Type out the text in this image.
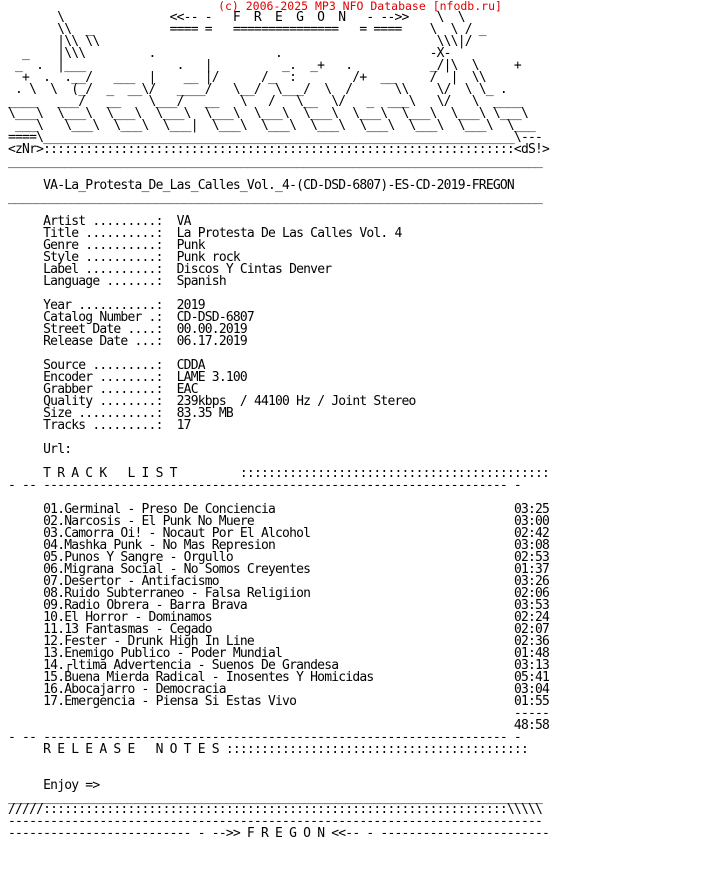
(c) 2006-2025 MP3 NFO Database [nfodb.ru]
\               <<-- -   F  R  E  G  O  N   - -->>    \  \
\\  _           ==== =   ===============   = ====    \  \ / _
|\\ \\                                                \\\|/
_    |\\\         .                 .                     -X-
_  .  |___             .   |          _.  _+   .           _/|\  \     +
+  .  .__/   ___  |    __ |/      /_  :        /+  __     /  |  \\
. \  \  (_/  _  __\/   ____/   \__/  \___/  \  /      \\    \/  \ \_ .
____   ___/   __    \___/   __   \   /   \__  \/   _  ___\   \/   \  ____
\___\  \___\  \___\  \___\  \___\  \___\  \___\  \___\  \___\  \___\ \___\
___\   \___\  \___\  \___|  \___\  \___\  \___\  \___\  \___\  \___\  \___
====\___________________________________________________________________\---
<zNr>:::::::::::::::::::::::::::::::::::::::::::::::::::::::::::::::::::<dS!>
____________________________________________________________________________

VA-La_Protesta_De_Las_Calles_Vol._4-(CD-DSD-6807)-ES-CD-2019-FREGON
____________________________________________________________________________

Artist .........:  VA
Title ..........:  La Protesta De Las Calles Vol. 4
Genre ..........:  Punk
Style ..........:  Punk rock
Label ..........:  Discos Y Cintas Denver
Language .......:  Spanish

Year ...........:  2019
Catalog Number .:  CD-DSD-6807
Street Date ....:  00.00.2019
Release Date ...:  06.17.2019

Source .........:  CDDA
Encoder ........:  LAME 3.100
Grabber ........:  EAC
Quality ........:  239kbps  / 44100 Hz / Joint Stereo
Size ...........:  83.35 MB
Tracks .........:  17

Url:

T R A C K   L I S T	::::::::::::::::::::::::::::::::::::::::::::
- -- ------------------------------------------------------------------ -

01.Germinal - Preso De Conciencia                                  03:25
02.Narcosis - El Punk No Muere                                     03:00
03.Camorra Oi! - Nocaut Por El Alcohol                             02:42
04.Mashka Punk - No Mas Represion                                  03:08
05.Punos Y Sangre - Orgullo                                        02:53
06.Migrana Social - No Somos Creyentes                             01:37
07.Desertor - Antifacismo                                          03:26
08.Ruido Subterraneo - Falsa Religiion                             02:06
09.Radio Obrera - Barra Brava                                      03:53
10.El Horror - Dominamos                                           02:24
11.13 Fantasmas - Cegado                                           02:07
12.Fester - Drunk High In Line                                     02:36
13.Enemigo Publico - Poder Mundial                                 01:48
14.┌ltima Advertencia - Suenos De Grandesa                         03:13
15.Buena Mierda Radical - Inosentes Y Homicidas                    05:41
16.Abocajarro - Democracia                                         03:04
17.Emergencia - Piensa Si Estas Vivo                               01:55
-----
48:58
- -- ------------------------------------------------------------------ -
R E L E A S E   N O T E S :::::::::::::::::::::::::::::::::::::::::::

Enjoy =>
____________________________________________________________________________
/////::::::::::::::::::::::::::::::::::::::::::::::::::::::::::::::::::\\\\\
----------------------------------------------------------------------------
-------------------------- - -->> F R E G O N <<-- - ------------------------
